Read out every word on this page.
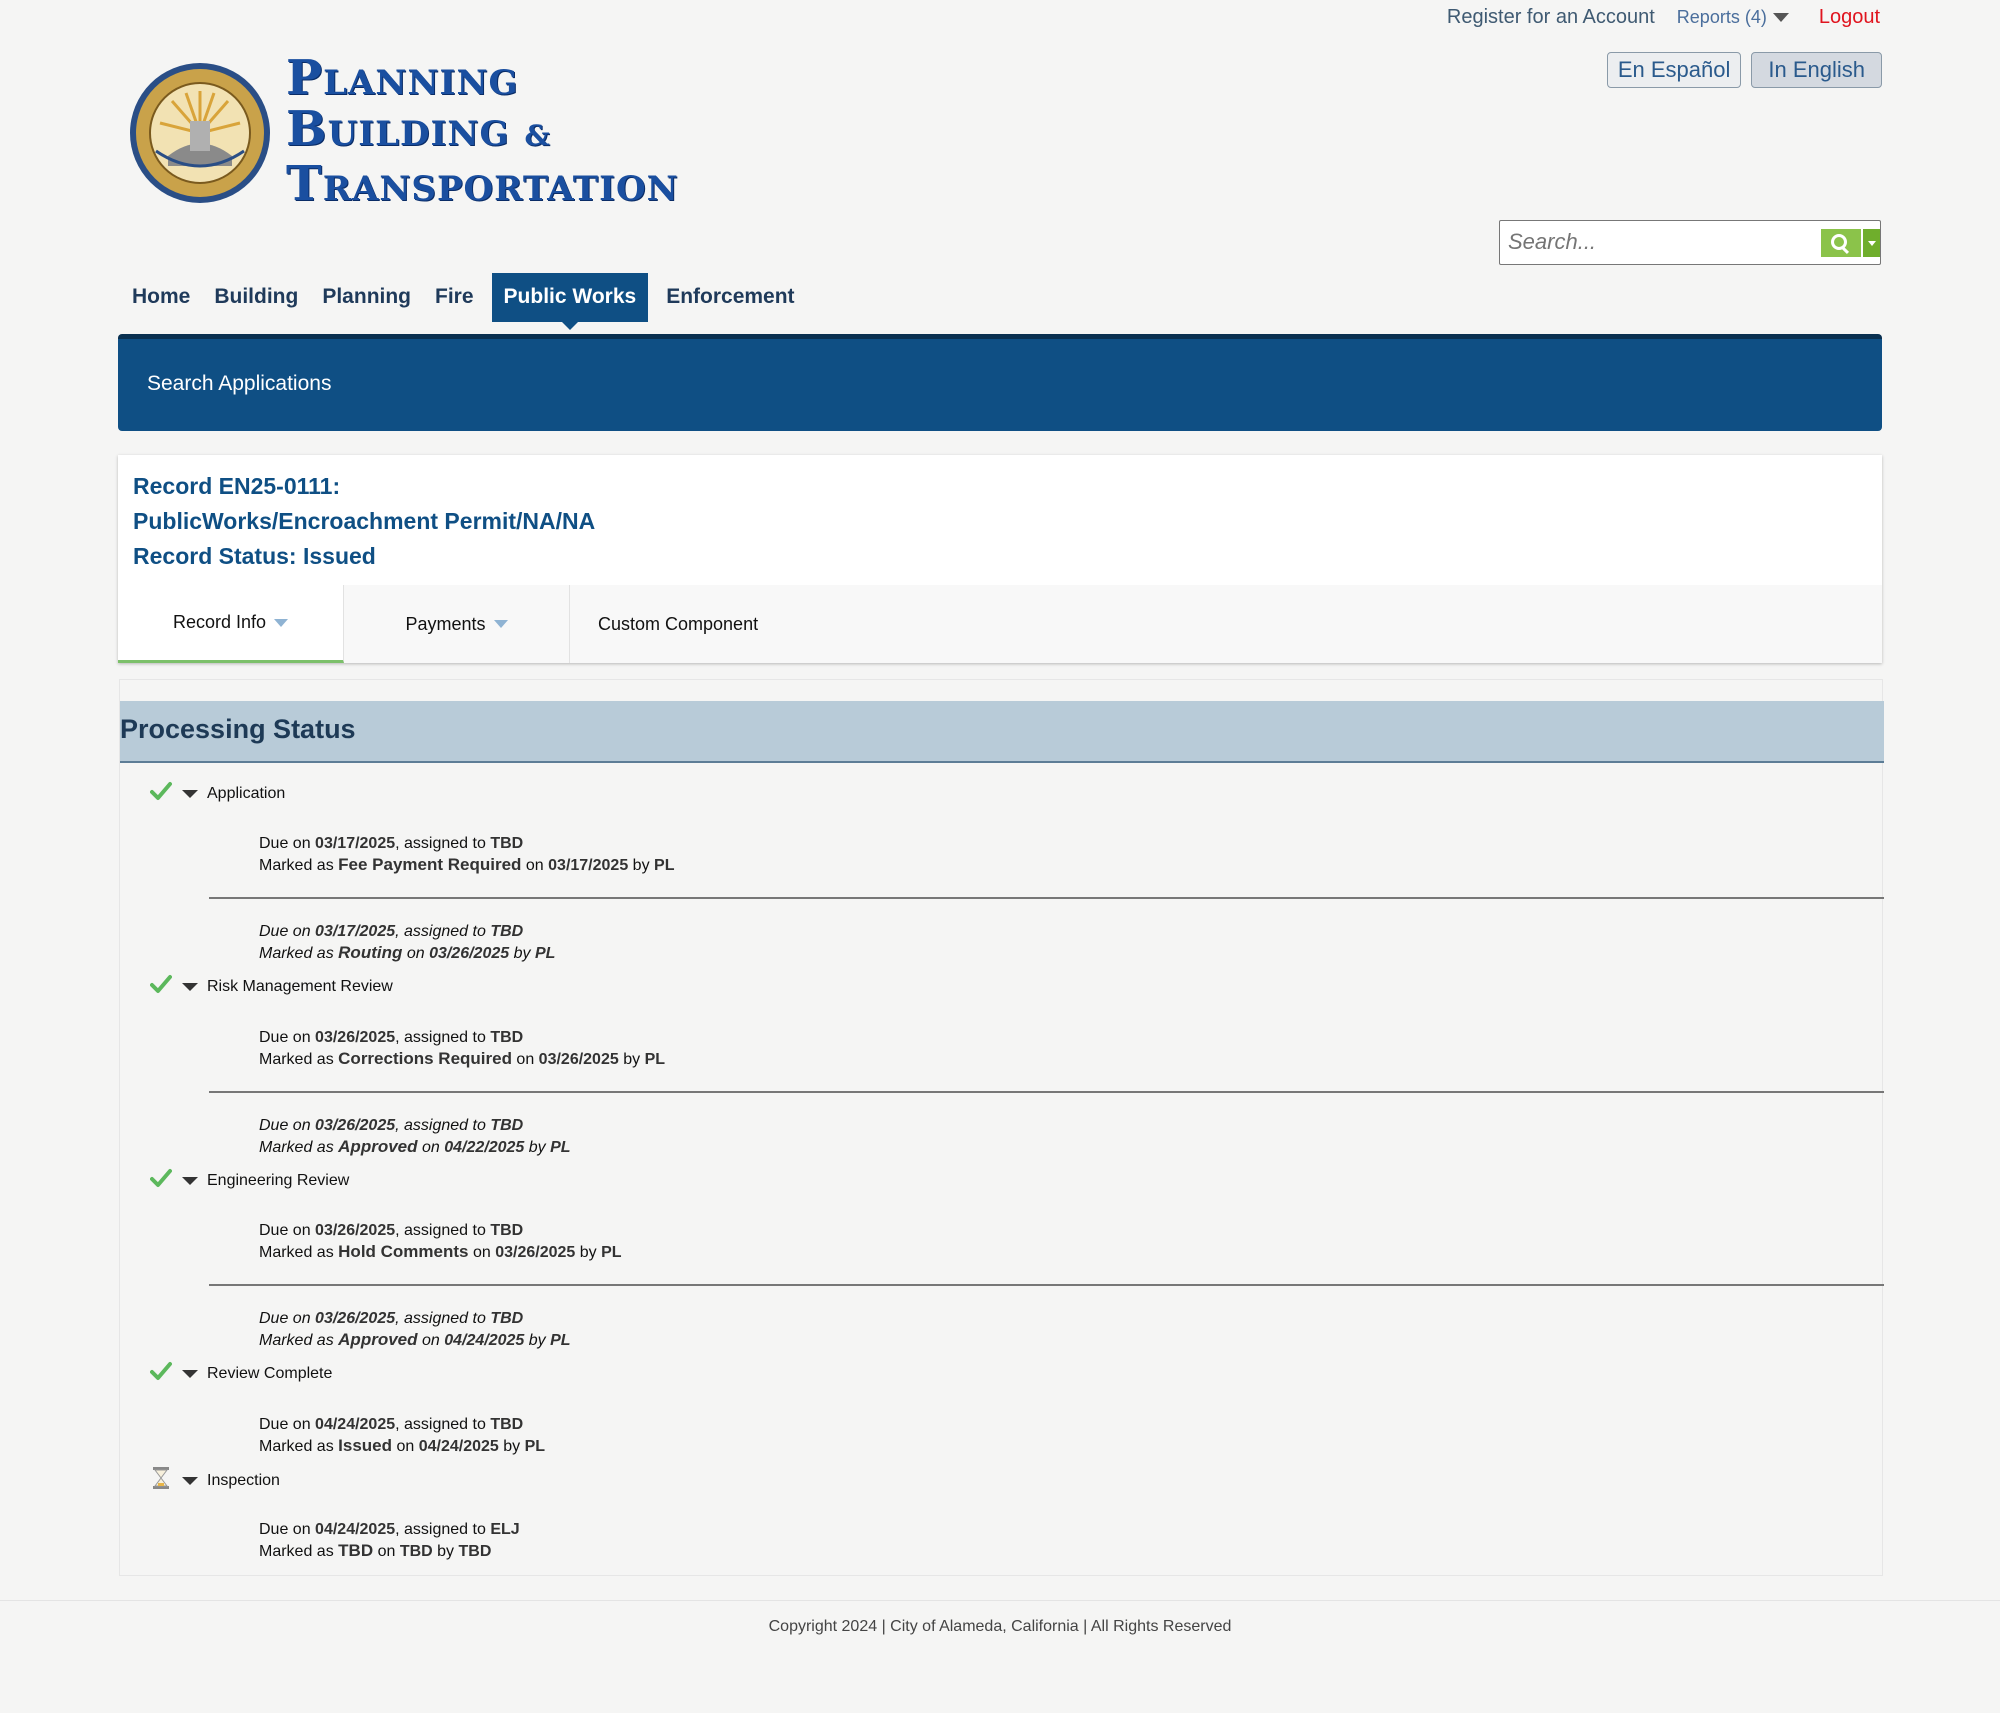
Register for an Account Reports (4)	Logout
En Español	In English
Planning
Building &
Transportation
Search...
Home	Building	Planning	Fire	Public Works	Enforcement
Search Applications
Record EN25-0111:
PublicWorks/Encroachment Permit/NA/NA
Record Status: Issued
Record Info	Payments	Custom Component
Processing Status
Application
Due on 03/17/2025, assigned to TBD
Marked as Fee Payment Required on 03/17/2025 by PL
Due on 03/17/2025, assigned to TBD
Marked as Routing on 03/26/2025 by PL
Risk Management Review
Due on 03/26/2025, assigned to TBD
Marked as Corrections Required on 03/26/2025 by PL
Due on 03/26/2025, assigned to TBD
Marked as Approved on 04/22/2025 by PL
Engineering Review
Due on 03/26/2025, assigned to TBD
Marked as Hold Comments on 03/26/2025 by PL
Due on 03/26/2025, assigned to TBD
Marked as Approved on 04/24/2025 by PL
Review Complete
Due on 04/24/2025, assigned to TBD
Marked as Issued on 04/24/2025 by PL
Inspection
Due on 04/24/2025, assigned to ELJ
Marked as TBD on TBD by TBD
Copyright 2024 | City of Alameda, California | All Rights Reserved
